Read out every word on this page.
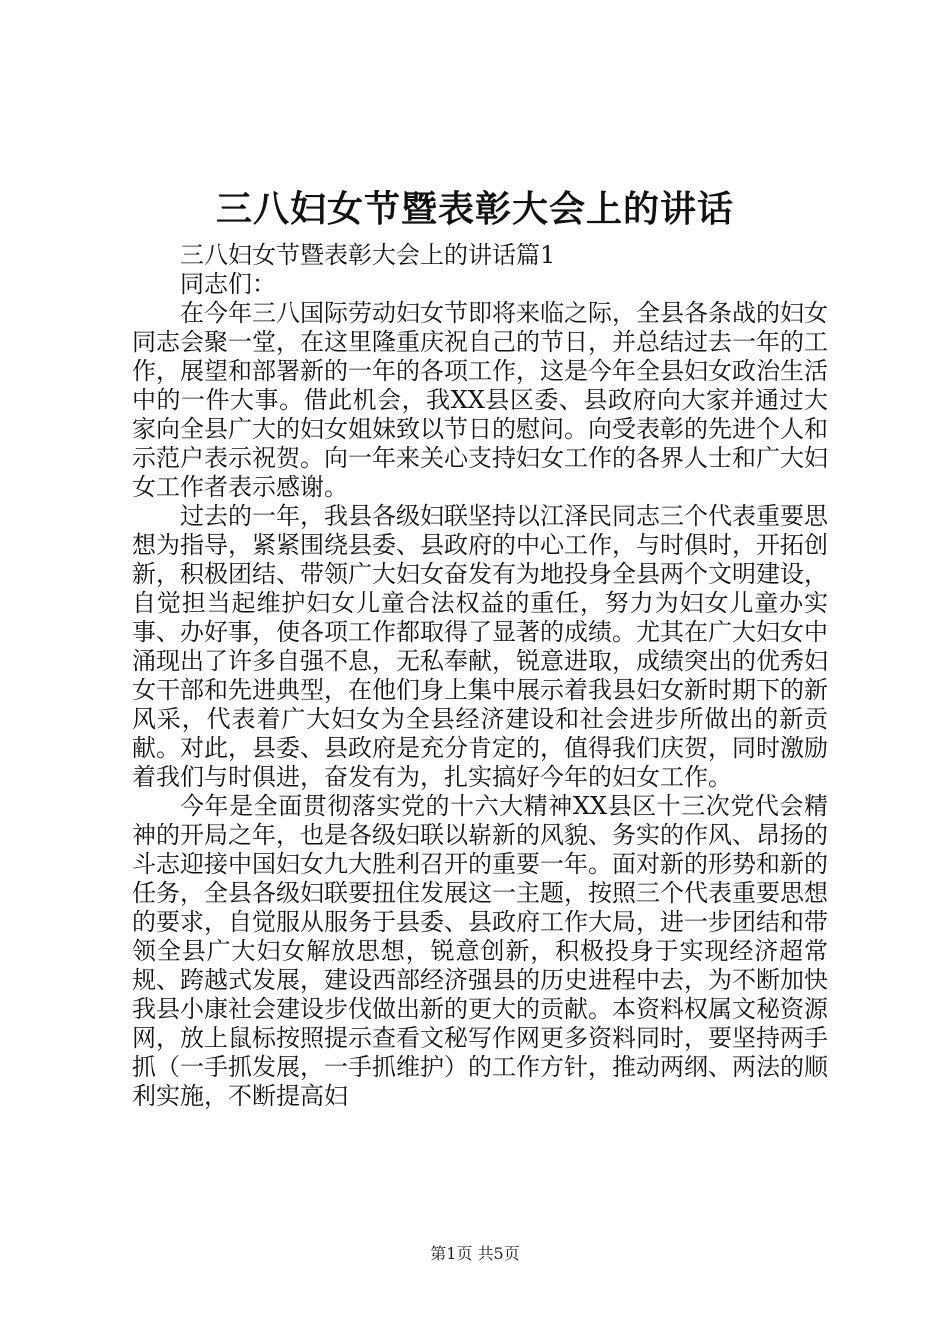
三八妇女节暨表彰大会上的讲话

三八妇女节暨表彰大会上的讲话篇1

同志们：

在今年三八国际劳动妇女节即将来临之际，全县各条战的妇女同志会聚一堂，在这里隆重庆祝自己的节日，并总结过去一年的工作，展望和部署新的一年的各项工作，这是今年全县妇女政治生活中的一件大事。借此机会，我XX县区委、县政府向大家并通过大家向全县广大的妇女姐妹致以节日的慰问。向受表彰的先进个人和示范户表示祝贺。向一年来关心支持妇女工作的各界人士和广大妇女工作者表示感谢。

过去的一年，我县各级妇联坚持以江泽民同志三个代表重要思想为指导，紧紧围绕县委、县政府的中心工作，与时俱时，开拓创新，积极团结、带领广大妇女奋发有为地投身全县两个文明建设，自觉担当起维护妇女儿童合法权益的重任，努力为妇女儿童办实事、办好事，使各项工作都取得了显著的成绩。尤其在广大妇女中涌现出了许多自强不息，无私奉献，锐意进取，成绩突出的优秀妇女干部和先进典型，在他们身上集中展示着我县妇女新时期下的新风采，代表着广大妇女为全县经济建设和社会进步所做出的新贡献。对此，县委、县政府是充分肯定的，值得我们庆贺，同时激励着我们与时俱进，奋发有为，扎实搞好今年的妇女工作。

今年是全面贯彻落实党的十六大精神XX县区十三次党代会精神的开局之年，也是各级妇联以崭新的风貌、务实的作风、昂扬的斗志迎接中国妇女九大胜利召开的重要一年。面对新的形势和新的任务，全县各级妇联要扭住发展这一主题，按照三个代表重要思想的要求，自觉服从服务于县委、县政府工作大局，进一步团结和带领全县广大妇女解放思想，锐意创新，积极投身于实现经济超常规、跨越式发展，建设西部经济强县的历史进程中去，为不断加快我县小康社会建设步伐做出新的更大的贡献。本资料权属文秘资源网，放上鼠标按照提示查看文秘写作网更多资料同时，要坚持两手抓（一手抓发展，一手抓维护）的工作方针，推动两纲、两法的顺利实施，不断提高妇

第1页 共5页
